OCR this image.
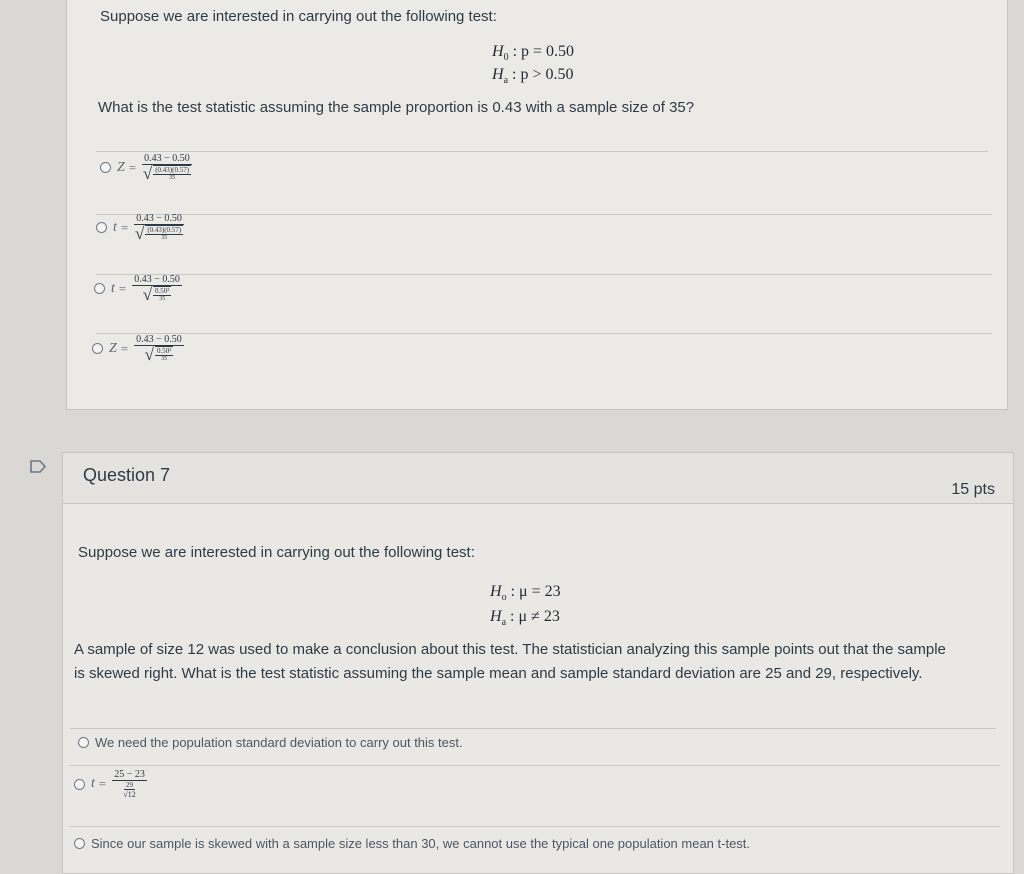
Suppose we are interested in carrying out the following test:
$H_0$ : p = 0.50
$H_a$ : p > 0.50
What is the test statistic assuming the sample proportion is 0.43 with a sample size of 35?
Z = 0.43 − 0.50
√ (0.43)(0.57)
35
t = 0.43 − 0.50
√ (0.43)(0.57)
35
t = 0.43 − 0.50
√ 0.50²
35
Z = 0.43 − 0.50
√ 0.50²
35
Question 7
15 pts
Suppose we are interested in carrying out the following test:
$H_o$ : μ = 23
$H_a$ : μ ≠ 23
A sample of size 12 was used to make a conclusion about this test. The statistician analyzing this sample points out that the sample
is skewed right. What is the test statistic assuming the sample mean and sample standard deviation are 25 and 29, respectively.
We need the population standard deviation to carry out this test.
t = 25 − 23
29
√12
Since our sample is skewed with a sample size less than 30, we cannot use the typical one population mean t-test.
